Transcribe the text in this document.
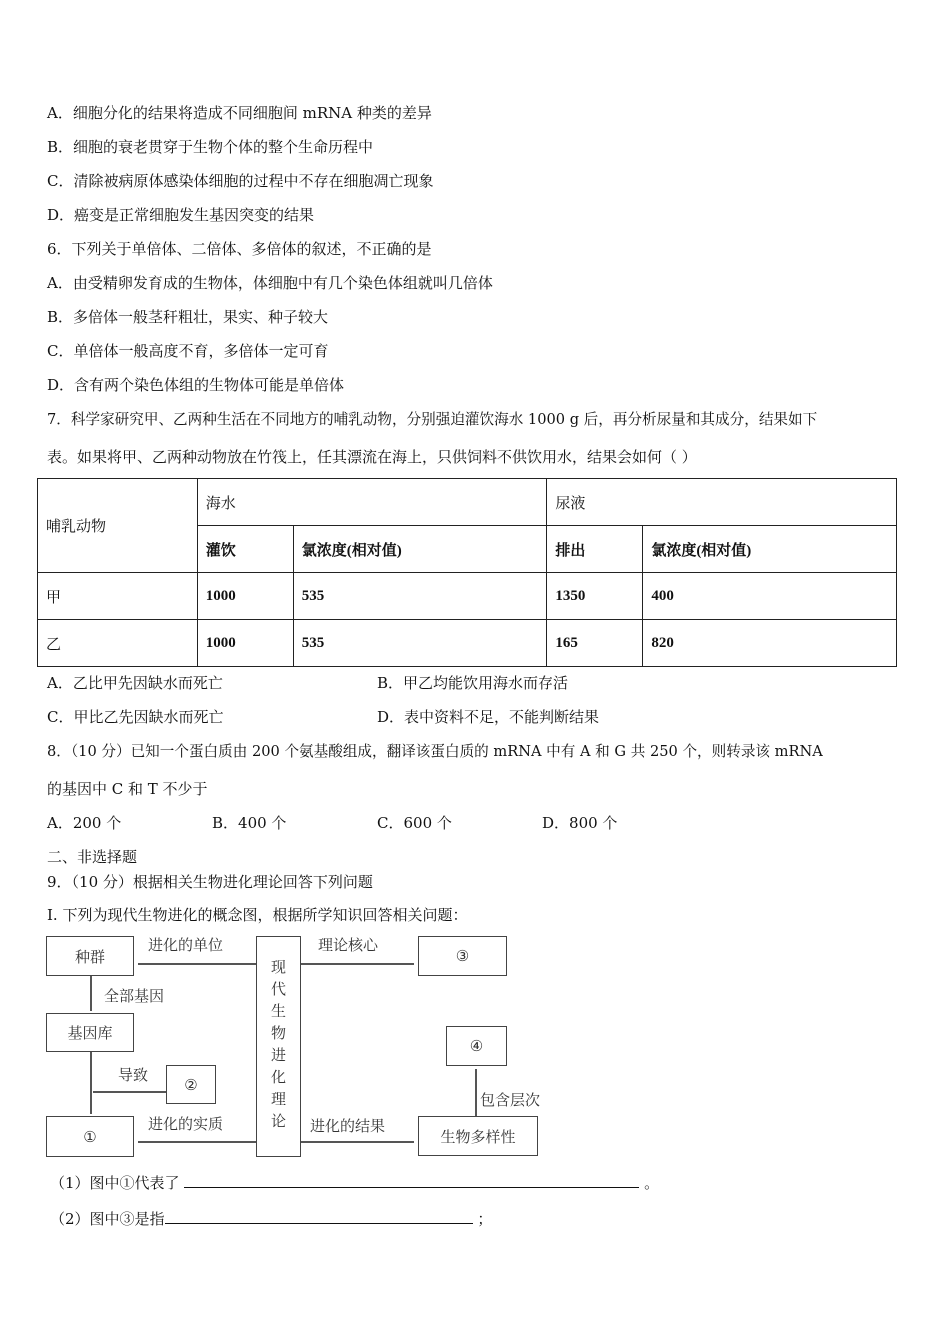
A．细胞分化的结果将造成不同细胞间 mRNA 种类的差异
B．细胞的衰老贯穿于生物个体的整个生命历程中
C．清除被病原体感染体细胞的过程中不存在细胞凋亡现象
D．癌变是正常细胞发生基因突变的结果
6．下列关于单倍体、二倍体、多倍体的叙述，不正确的是
A．由受精卵发育成的生物体，体细胞中有几个染色体组就叫几倍体
B．多倍体一般茎秆粗壮，果实、种子较大
C．单倍体一般高度不育，多倍体一定可育
D．含有两个染色体组的生物体可能是单倍体
7．科学家研究甲、乙两种生活在不同地方的哺乳动物，分别强迫灌饮海水 1000 g 后，再分析尿量和其成分，结果如下
表。如果将甲、乙两种动物放在竹筏上，任其漂流在海上，只供饲料不供饮用水，结果会如何（ ）
哺乳动物	海水		尿液	
	灌饮	氯浓度(相对值)	排出	氯浓度(相对值)
甲	1000	535	1350	400
乙	1000	535	165	820
A．乙比甲先因缺水而死亡	B．甲乙均能饮用海水而存活
C．甲比乙先因缺水而死亡	D．表中资料不足，不能判断结果
8．（10 分）已知一个蛋白质由 200 个氨基酸组成，翻译该蛋白质的 mRNA 中有 A 和 G 共 250 个，则转录该 mRNA
的基因中 C 和 T 不少于
A．200 个	B．400 个	C．600 个	D．800 个
二、非选择题
9．（10 分）根据相关生物进化理论回答下列问题
I. 下列为现代生物进化的概念图，根据所学知识回答相关问题：
种群
基因库
①
②	现代生物进化理论
③
④
生物多样性
进化的单位
全部基因
导致
进化的实质
理论核心
进化的结果
包含层次
（1）图中①代表了	。
（2）图中③是指	；
